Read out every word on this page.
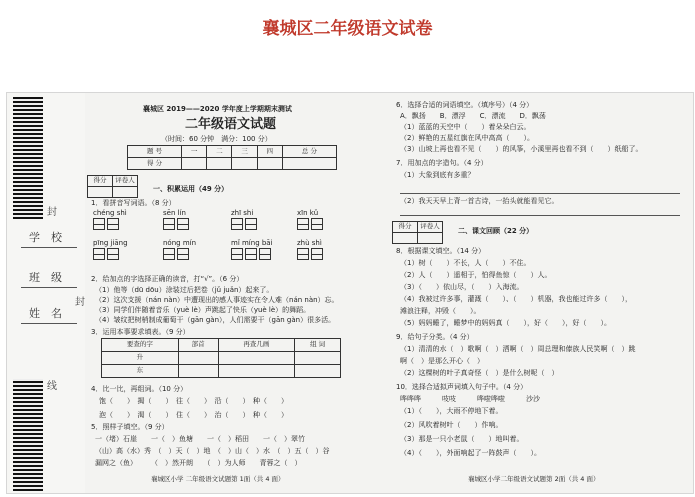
襄城区二年级语文试卷
学　校
班　级
姓　名
封
封
线
襄城区 2019——2020 学年度上学期期末测试
二年级语文试题
（时间：60 分钟　满分：100 分）
题 号	一	二	三	四	总 分
得 分					
得分	评卷人

一、积累运用（49 分）
1．看拼音写词语。（8 分）
chéng shì	sēn lín	zhī shi	xīn kǔ
pīng jiāng	nóng mín	mǐ míng bāi	zhù shì
2．给加点的字选择正确的读音，打“√”。（6 分）
（1）他等（dū dōu）涂装过后把卷（jǔ juǎn）起来了。
（2）这次支援（nán nàn）中遭现出的感人事迹实在令人难（nán nàn）忘。
（3）同学们伴随着音乐（yuè lè）声跳起了快乐（yuè lè）的舞蹈。
（4）皱纹把树梢制成葡萄干（gān gàn），人们需要干（gān gàn）很多活。
3．运用本事要求填表。（9 分）
要查的字	部首	再查几画	组 词
升			
东			
4．比一比，再组词。（10 分）
饱（　　）　揭（　　）　往（　　）　沿（　　）　种（　　）
泡（　　）　渴（　　）　住（　　）　治（　　）　种（　　）
5．照样子填空。（9 分）
一（堵）石崖　　一（　）鱼塘　　一（　）稻田　　一（　）翠竹
（山）高（水）秀　（　）天（　）地　（　）山（　）水　（　）五（　）谷
漏网之（鱼）　　　（　）然开朗　　（　）为人师　　青蓉之（　）
襄城区小学 二年级语文试题第 1面（共 4 面）
6．选择合适的词语填空。（填序号）（4 分）
A．飘扬　　B．漂浮　　C．漂流　　D．飘荡
（1）蓝蓝的天空中（　　）着朵朵白云。
（2）鲜艳的五星红旗在风中高高（　　）。
（3）山坡上再也看不见（　　）的风筝，小溪里再也看不到（　　）纸船了。
7．用加点的字造句。（4 分）
（1）大象到底有多重？
（2）我天天早上背一首古诗，一抬头就能看见它。
得分	评卷人

二、课文回顾（22 分）
8．根据课文填空。（14 分）
（1）树（　　）不长，人（　　）不住。
（2）人（　　）遥相于，怕得鱼惊（　　）人。
（3）（　　）依山尽，（　　）入海流。
（4）我被过许多事，灌溉（　　）、（　　）机器，我也能过许多（　　），
滩浪注释，冲毁（　　）。
（5）妈妈睡了，睡梦中的妈妈真（　　），好（　　），好（　　）。
9．给句子分类。（4 分）
（1）清清的水（　）歌啊（　）洒啊（　）周总理和傣族人民笑啊（　）跳
啊（　）是那么开心（　）
（2）这棵树的叶子真奇怪（　）是什么树呢（　）
10．选择合适拟声词填入句子中。（4 分）
哗哗哗　　　吱吱　　　哗啦哗啦　　　沙沙
（1）（　　），大雨不停地下着。
（2）风吹着树叶（　　）作响。
（3）那是一只小老鼠（　　）地叫着。
（4）（　　），外面响起了一阵鼓声（　　）。
襄城区小学二年级语文试题第 2面（共 4 面）
